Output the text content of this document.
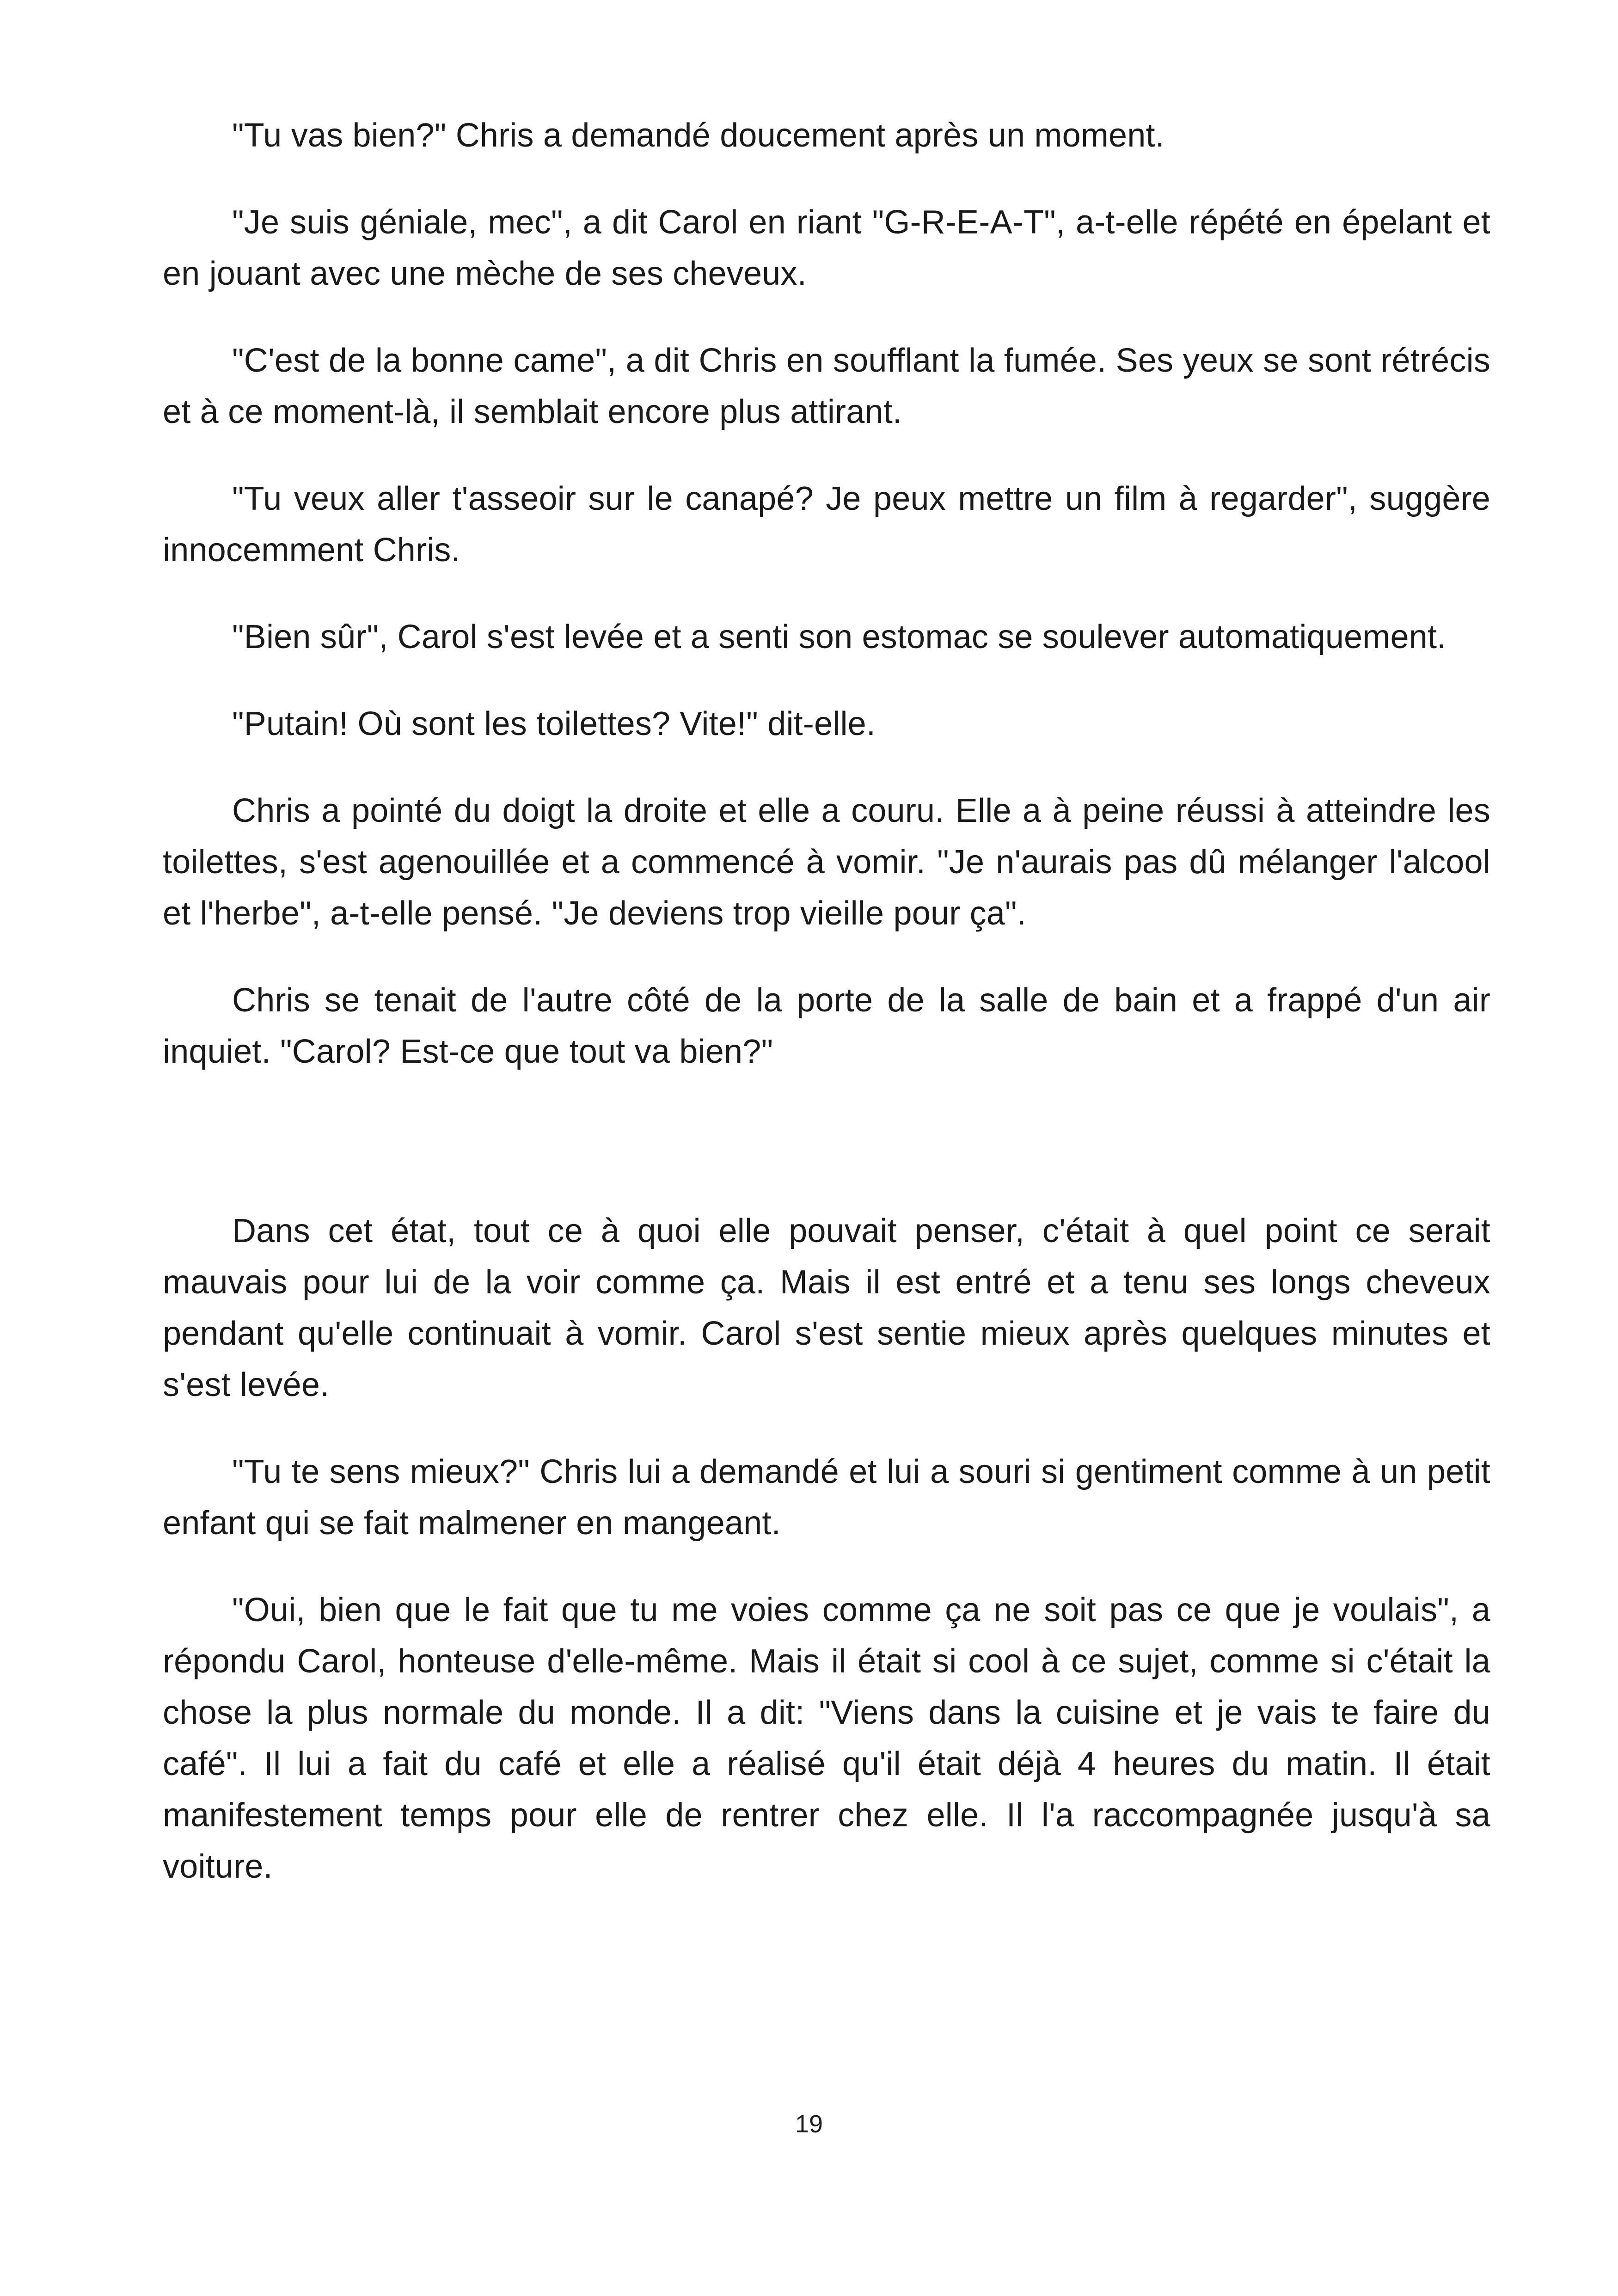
"Tu vas bien?" Chris a demandé doucement après un moment.

"Je suis géniale, mec", a dit Carol en riant "G-R-E-A-T", a-t-elle répété en épelant et en jouant avec une mèche de ses cheveux.

"C'est de la bonne came", a dit Chris en soufflant la fumée. Ses yeux se sont rétrécis et à ce moment-là, il semblait encore plus attirant.

"Tu veux aller t'asseoir sur le canapé? Je peux mettre un film à regarder", suggère innocemment Chris.

"Bien sûr", Carol s'est levée et a senti son estomac se soulever automatiquement.

"Putain! Où sont les toilettes? Vite!" dit-elle.

Chris a pointé du doigt la droite et elle a couru. Elle a à peine réussi à atteindre les toilettes, s'est agenouillée et a commencé à vomir. "Je n'aurais pas dû mélanger l'alcool et l'herbe", a-t-elle pensé. "Je deviens trop vieille pour ça".

Chris se tenait de l'autre côté de la porte de la salle de bain et a frappé d'un air inquiet. "Carol? Est-ce que tout va bien?"

Dans cet état, tout ce à quoi elle pouvait penser, c'était à quel point ce serait mauvais pour lui de la voir comme ça. Mais il est entré et a tenu ses longs cheveux pendant qu'elle continuait à vomir. Carol s'est sentie mieux après quelques minutes et s'est levée.

"Tu te sens mieux?" Chris lui a demandé et lui a souri si gentiment comme à un petit enfant qui se fait malmener en mangeant.

"Oui, bien que le fait que tu me voies comme ça ne soit pas ce que je voulais", a répondu Carol, honteuse d'elle-même. Mais il était si cool à ce sujet, comme si c'était la chose la plus normale du monde. Il a dit: "Viens dans la cuisine et je vais te faire du café". Il lui a fait du café et elle a réalisé qu'il était déjà 4 heures du matin. Il était manifestement temps pour elle de rentrer chez elle. Il l'a raccompagnée jusqu'à sa voiture.

19
